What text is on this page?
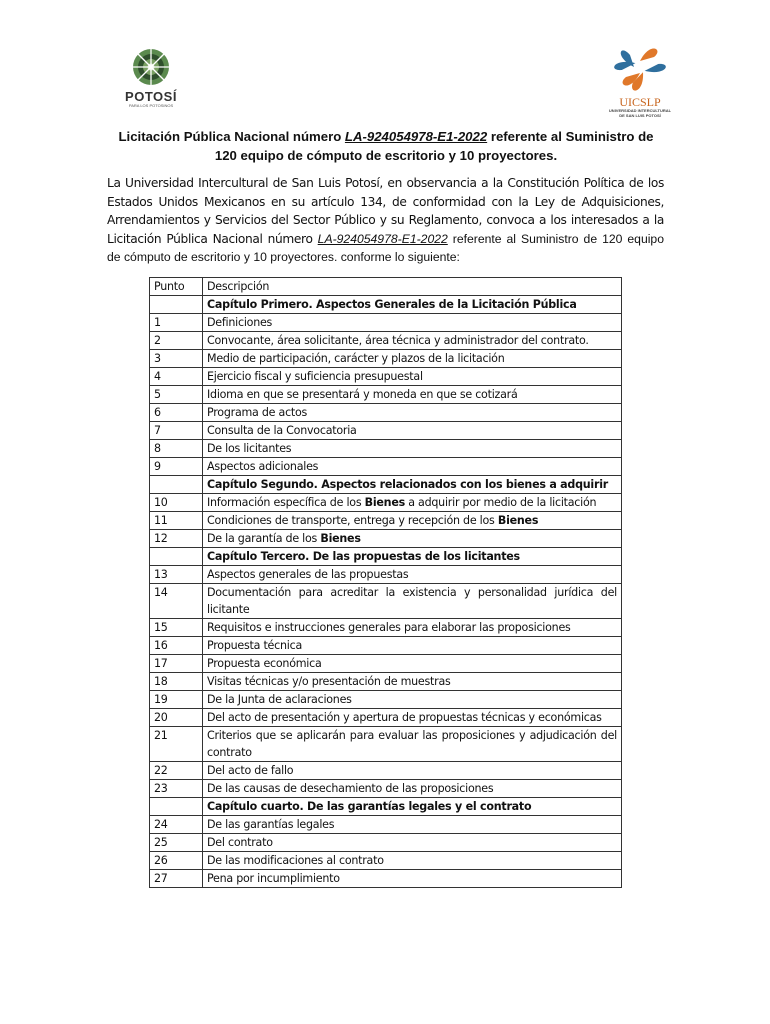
POTOSÍ
PARA LOS POTOSINOS	UICSLP
UNIVERSIDAD INTERCULTURAL
DE SAN LUIS POTOSÍ
Licitación Pública Nacional número LA-924054978-E1-2022 referente al Suministro de 120 equipo de cómputo de escritorio y 10 proyectores.
La Universidad Intercultural de San Luis Potosí, en observancia a la Constitución Política de los Estados Unidos Mexicanos en su artículo 134, de conformidad con la Ley de Adquisiciones, Arrendamientos y Servicios del Sector Público y su Reglamento, convoca a los interesados a la Licitación Pública Nacional número LA-924054978-E1-2022 referente al Suministro de 120 equipo de cómputo de escritorio y 10 proyectores. conforme lo siguiente:
Punto	Descripción
	Capítulo Primero. Aspectos Generales de la Licitación Pública
1	Definiciones
2	Convocante, área solicitante, área técnica y administrador del contrato.
3	Medio de participación, carácter y plazos de la licitación
4	Ejercicio fiscal y suficiencia presupuestal
5	Idioma en que se presentará y moneda en que se cotizará
6	Programa de actos
7	Consulta de la Convocatoria
8	De los licitantes
9	Aspectos adicionales
	Capítulo Segundo. Aspectos relacionados con los bienes a adquirir
10	Información específica de los Bienes a adquirir por medio de la licitación
11	Condiciones de transporte, entrega y recepción de los Bienes
12	De la garantía de los Bienes
	Capítulo Tercero. De las propuestas de los licitantes
13	Aspectos generales de las propuestas
14	Documentación para acreditar la existencia y personalidad jurídica del licitante
15	Requisitos e instrucciones generales para elaborar las proposiciones
16	Propuesta técnica
17	Propuesta económica
18	Visitas técnicas y/o presentación de muestras
19	De la Junta de aclaraciones
20	Del acto de presentación y apertura de propuestas técnicas y económicas
21	Criterios que se aplicarán para evaluar las proposiciones y adjudicación del contrato
22	Del acto de fallo
23	De las causas de desechamiento de las proposiciones
	Capítulo cuarto. De las garantías legales y el contrato
24	De las garantías legales
25	Del contrato
26	De las modificaciones al contrato
27	Pena por incumplimiento
